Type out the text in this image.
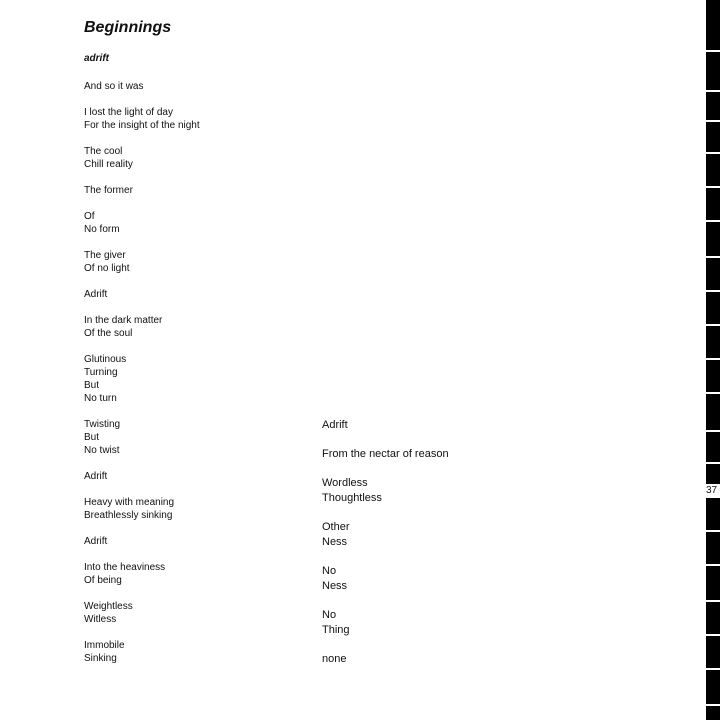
Beginnings
adrift
And so it was
I lost the light of day
For the insight of the night
The cool
Chill reality
The former
Of
No form
The giver
Of no light
Adrift
In the dark matter
Of the soul
Glutinous
Turning
But
No turn
Twisting
But
No twist
Adrift
Heavy with meaning
Breathlessly sinking
Adrift
Into the heaviness
Of being
Weightless
Witless
Immobile
Sinking
Adrift
From the nectar of reason
Wordless
Thoughtless
Other
Ness
No
Ness
No
Thing
none
37
